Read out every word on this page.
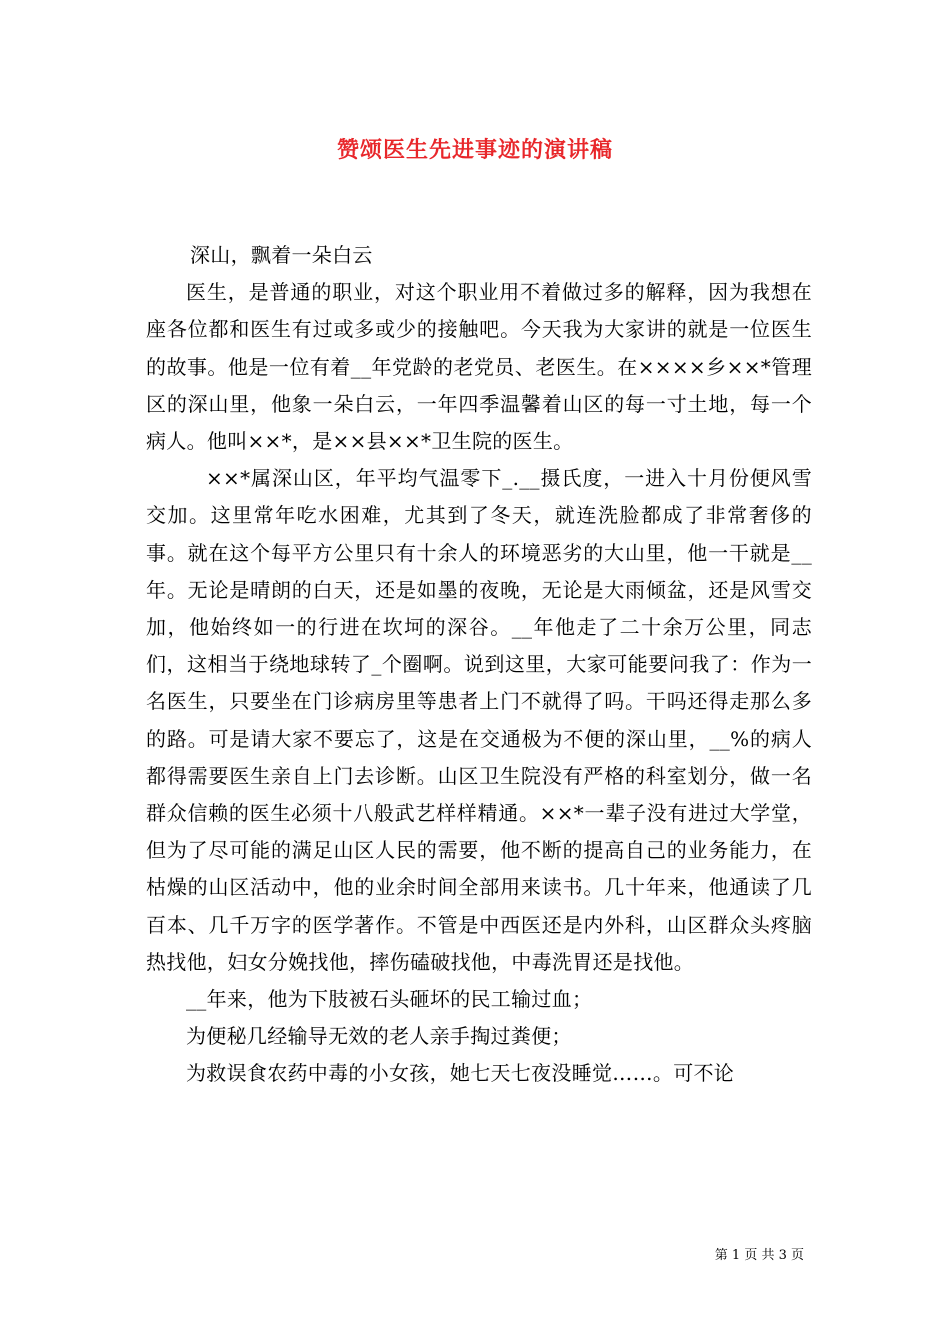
赞颂医生先进事迹的演讲稿

深山，飘着一朵白云

医生，是普通的职业，对这个职业用不着做过多的解释，因为我想在座各位都和医生有过或多或少的接触吧。今天我为大家讲的就是一位医生的故事。他是一位有着__年党龄的老党员、老医生。在××××乡××*管理区的深山里，他象一朵白云，一年四季温馨着山区的每一寸土地，每一个病人。他叫××*，是××县××*卫生院的医生。

××*属深山区，年平均气温零下_.__摄氏度，一进入十月份便风雪交加。这里常年吃水困难，尤其到了冬天，就连洗脸都成了非常奢侈的事。就在这个每平方公里只有十余人的环境恶劣的大山里，他一干就是__年。无论是晴朗的白天，还是如墨的夜晚，无论是大雨倾盆，还是风雪交加，他始终如一的行进在坎坷的深谷。__年他走了二十余万公里，同志们，这相当于绕地球转了_个圈啊。说到这里，大家可能要问我了：作为一名医生，只要坐在门诊病房里等患者上门不就得了吗。干吗还得走那么多的路。可是请大家不要忘了，这是在交通极为不便的深山里，__%的病人都得需要医生亲自上门去诊断。山区卫生院没有严格的科室划分，做一名群众信赖的医生必须十八般武艺样样精通。××*一辈子没有进过大学堂，但为了尽可能的满足山区人民的需要，他不断的提高自己的业务能力，在枯燥的山区活动中，他的业余时间全部用来读书。几十年来，他通读了几百本、几千万字的医学著作。不管是中西医还是内外科，山区群众头疼脑热找他，妇女分娩找他，摔伤磕破找他，中毒洗胃还是找他。

__年来，他为下肢被石头砸坏的民工输过血；

为便秘几经输导无效的老人亲手掏过粪便；

为救误食农药中毒的小女孩，她七天七夜没睡觉……。可不论

第 1 页 共 3 页
